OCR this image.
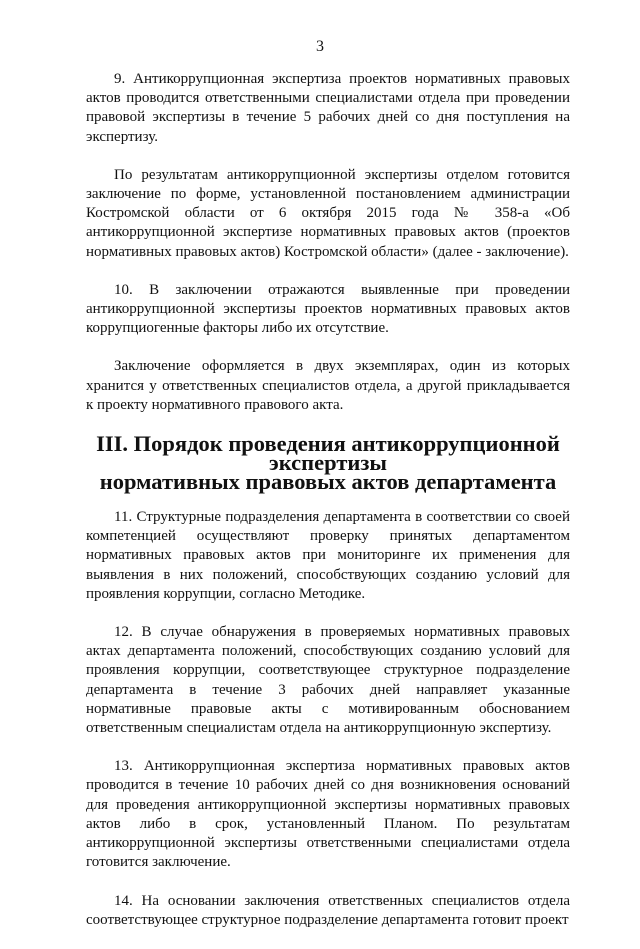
3

9. Антикоррупционная экспертиза проектов нормативных правовых актов проводится ответственными специалистами отдела при проведении правовой экспертизы в течение 5 рабочих дней со дня поступления на экспертизу.

По результатам антикоррупционной экспертизы отделом готовится заключение по форме, установленной постановлением администрации Костромской области от 6 октября 2015 года № 358-а «Об антикоррупционной экспертизе нормативных правовых актов (проектов нормативных правовых актов) Костромской области» (далее - заключение).

10. В заключении отражаются выявленные при проведении антикоррупционной экспертизы проектов нормативных правовых актов коррупциогенные факторы либо их отсутствие.

Заключение оформляется в двух экземплярах, один из которых хранится у ответственных специалистов отдела, а другой прикладывается к проекту нормативного правового акта.

III. Порядок проведения антикоррупционной экспертизы
нормативных правовых актов департамента

11. Структурные подразделения департамента в соответствии со своей компетенцией осуществляют проверку принятых департаментом нормативных правовых актов при мониторинге их применения для выявления в них положений, способствующих созданию условий для проявления коррупции, согласно Методике.

12. В случае обнаружения в проверяемых нормативных правовых актах департамента положений, способствующих созданию условий для проявления коррупции, соответствующее структурное подразделение департамента в течение 3 рабочих дней направляет указанные нормативные правовые акты с мотивированным обоснованием ответственным специалистам отдела на антикоррупционную экспертизу.

13. Антикоррупционная экспертиза нормативных правовых актов проводится в течение 10 рабочих дней со дня возникновения оснований для проведения антикоррупционной экспертизы нормативных правовых актов либо в срок, установленный Планом. По результатам антикоррупционной экспертизы ответственными специалистами отдела готовится заключение.

14. На основании заключения ответственных специалистов отдела соответствующее структурное подразделение департамента готовит проект
